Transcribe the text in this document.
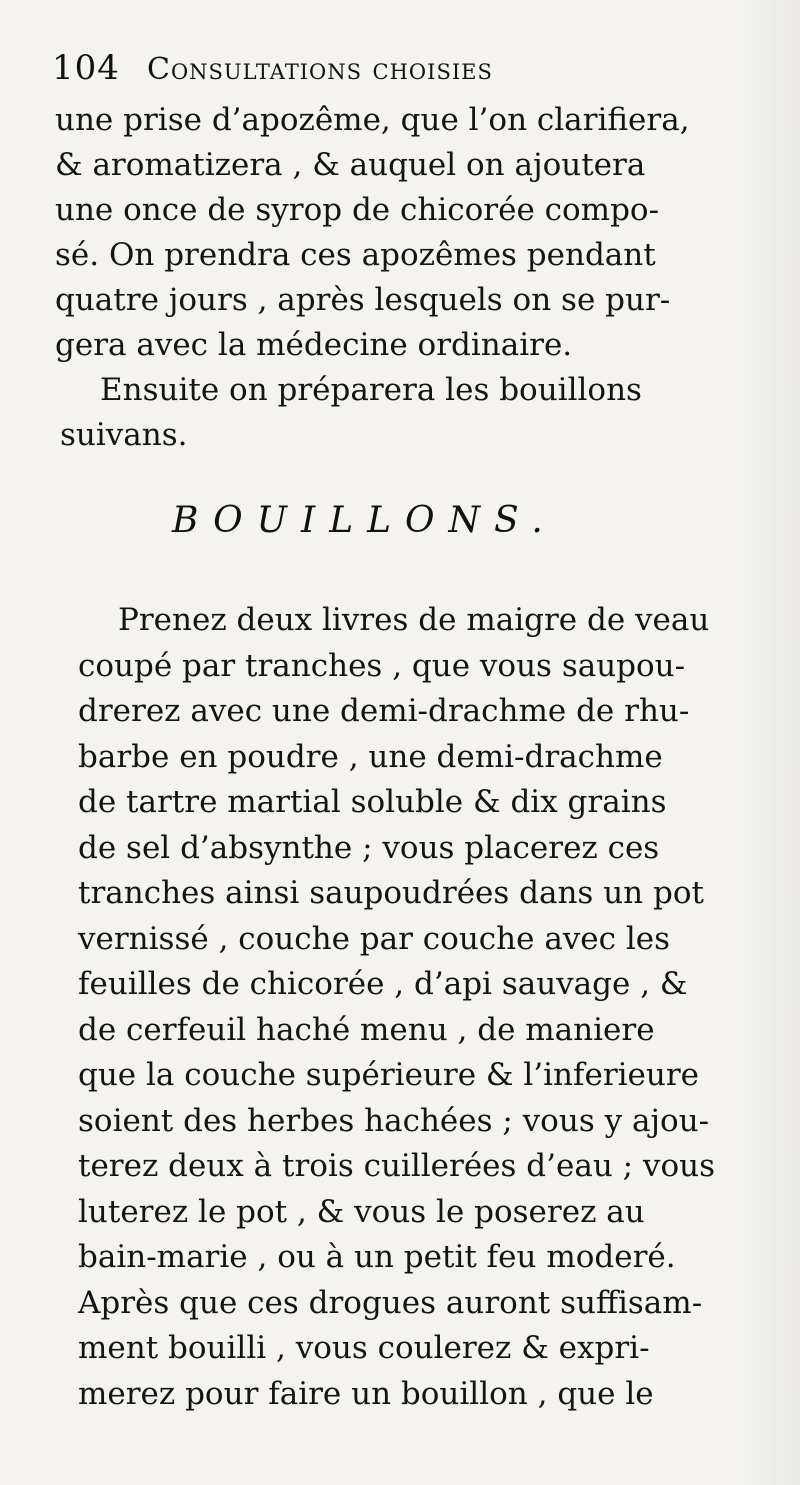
104 Consultations choisies
une prise d’apozême, que l’on clarifiera,
& aromatizera , & auquel on ajoutera
une once de syrop de chicorée compo-
sé. On prendra ces apozêmes pendant
quatre jours , après lesquels on se pur-
gera avec la médecine ordinaire.
Ensuite on préparera les bouillons
suivans.
BOUILLONS.
Prenez deux livres de maigre de veau
coupé par tranches , que vous saupou-
drerez avec une demi-drachme de rhu-
barbe en poudre , une demi-drachme
de tartre martial soluble & dix grains
de sel d’absynthe ; vous placerez ces
tranches ainsi saupoudrées dans un pot
vernissé , couche par couche avec les
feuilles de chicorée , d’api sauvage , &
de cerfeuil haché menu , de maniere
que la couche supérieure & l’inferieure
soient des herbes hachées ; vous y ajou-
terez deux à trois cuillerées d’eau ; vous
luterez le pot , & vous le poserez au
bain-marie , ou à un petit feu moderé.
Après que ces drogues auront suffisam-
ment bouilli , vous coulerez & expri-
merez pour faire un bouillon , que le
